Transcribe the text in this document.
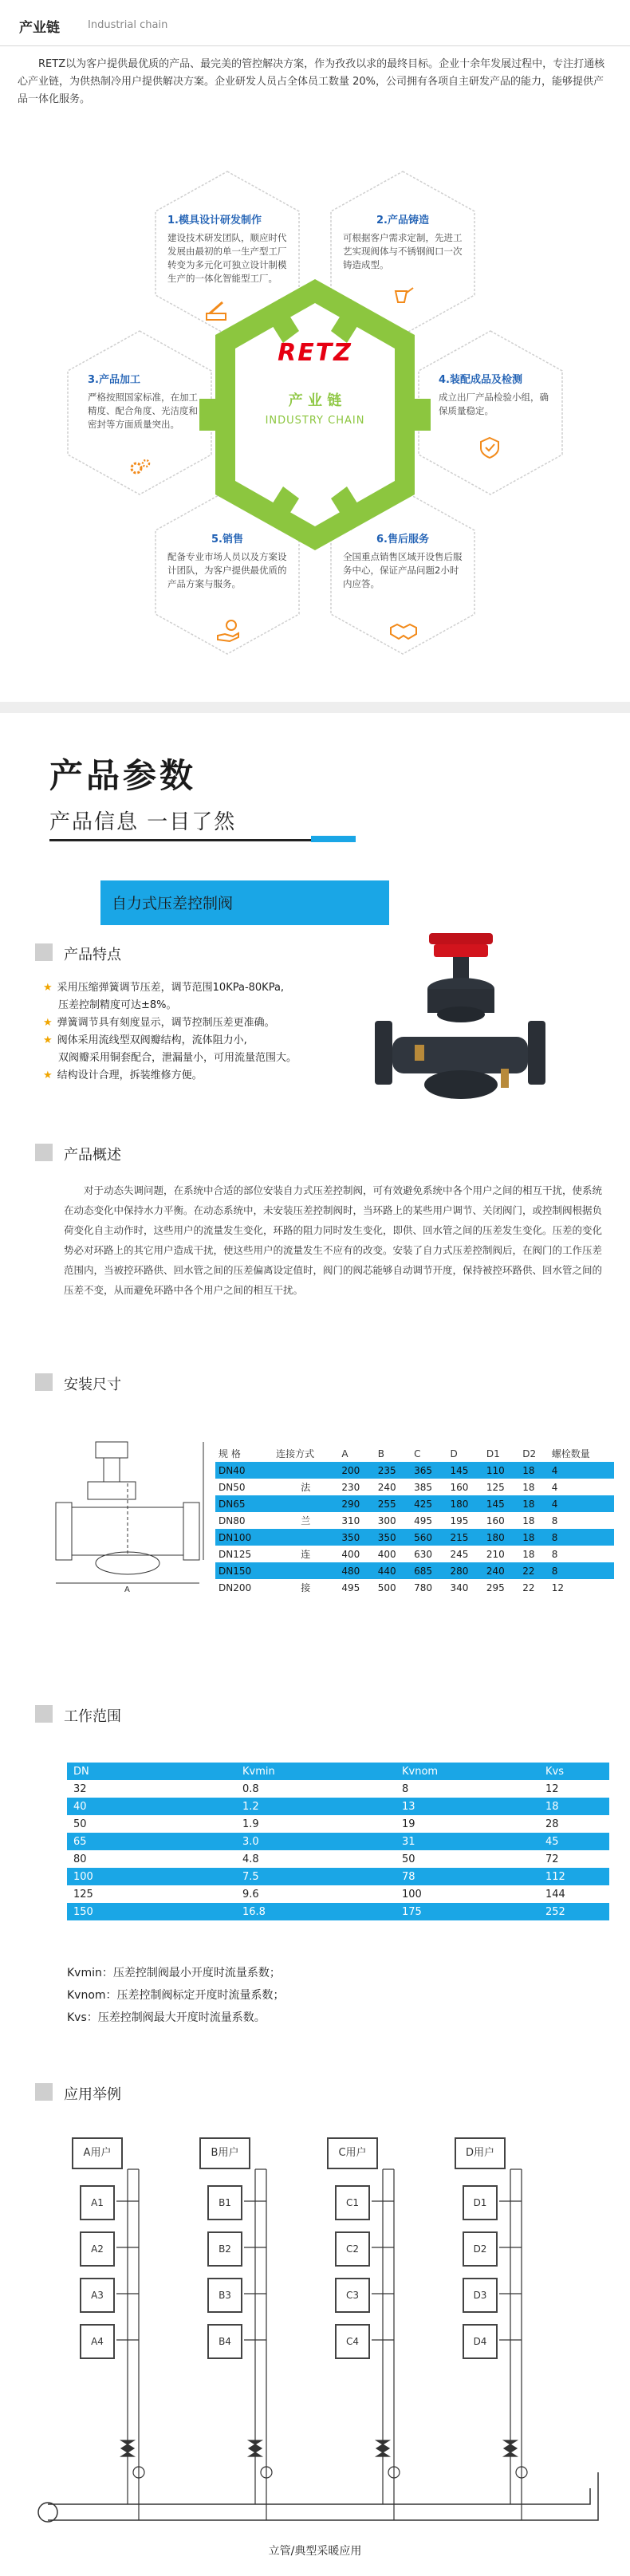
产业链	Industrial chain
RETZ以为客户提供最优质的产品、最完美的管控解决方案，作为孜孜以求的最终目标。企业十余年发展过程中，专注打通核心产业链，为供热制冷用户提供解决方案。企业研发人员占全体员工数量 20%，公司拥有各项自主研发产品的能力，能够提供产品一体化服务。
RETZ
产 业 链
INDUSTRY CHAIN
1.模具设计研发制作
建设技术研发团队，顺应时代发展由最初的单一生产型工厂转变为多元化可独立设计制模生产的一体化智能型工厂。
2.产品铸造
可根据客户需求定制，先进工艺实现阀体与不锈钢阀口一次铸造成型。
3.产品加工
严格按照国家标准，在加工精度、配合角度、光洁度和密封等方面质量突出。
4.装配成品及检测
成立出厂产品检验小组，确保质量稳定。
5.销售
配备专业市场人员以及方案设计团队，为客户提供最优质的产品方案与服务。
6.售后服务
全国重点销售区域开设售后服务中心，保证产品问题2小时内应答。
产品参数
产品信息 一目了然
自力式压差控制阀
产品特点
★ 采用压缩弹簧调节压差，调节范围10KPa-80KPa,
压差控制精度可达±8%。
★ 弹簧调节具有刻度显示，调节控制压差更准确。
★ 阀体采用流线型双阀瓣结构，流体阻力小,
双阀瓣采用铜套配合，泄漏量小，可用流量范围大。
★ 结构设计合理，拆装维修方便。
产品概述
对于动态失调问题，在系统中合适的部位安装自力式压差控制阀，可有效避免系统中各个用户之间的相互干扰，使系统在动态变化中保持水力平衡。在动态系统中，未安装压差控制阀时，当环路上的某些用户调节、关闭阀门，或控制阀根据负荷变化自主动作时，这些用户的流量发生变化，环路的阻力同时发生变化，即供、回水管之间的压差发生变化。压差的变化势必对环路上的其它用户造成干扰，使这些用户的流量发生不应有的改变。安装了自力式压差控制阀后，在阀门的工作压差范围内，当被控环路供、回水管之间的压差偏离设定值时，阀门的阀芯能够自动调节开度，保持被控环路供、回水管之间的压差不变，从而避免环路中各个用户之间的相互干扰。
安装尺寸
A
规 格	连接方式	A	B	C	D	D1	D2	螺栓数量
DN40		200	235	365	145	110	18	4
DN50	法	230	240	385	160	125	18	4
DN65		290	255	425	180	145	18	4
DN80	兰	310	300	495	195	160	18	8
DN100		350	350	560	215	180	18	8
DN125	连	400	400	630	245	210	18	8
DN150		480	440	685	280	240	22	8
DN200	接	495	500	780	340	295	22	12
工作范围
DN	Kvmin	Kvnom	Kvs
32	0.8	8	12
40	1.2	13	18
50	1.9	19	28
65	3.0	31	45
80	4.8	50	72
100	7.5	78	112
125	9.6	100	144
150	16.8	175	252
Kvmin：压差控制阀最小开度时流量系数；
Kvnom：压差控制阀标定开度时流量系数；
Kvs：压差控制阀最大开度时流量系数。
应用举例
A用户
A1
A2
A3
A4
B用户
B1
B2
B3
B4
C用户
C1
C2
C3
C4
D用户
D1
D2
D3
D4
立管/典型采暖应用
